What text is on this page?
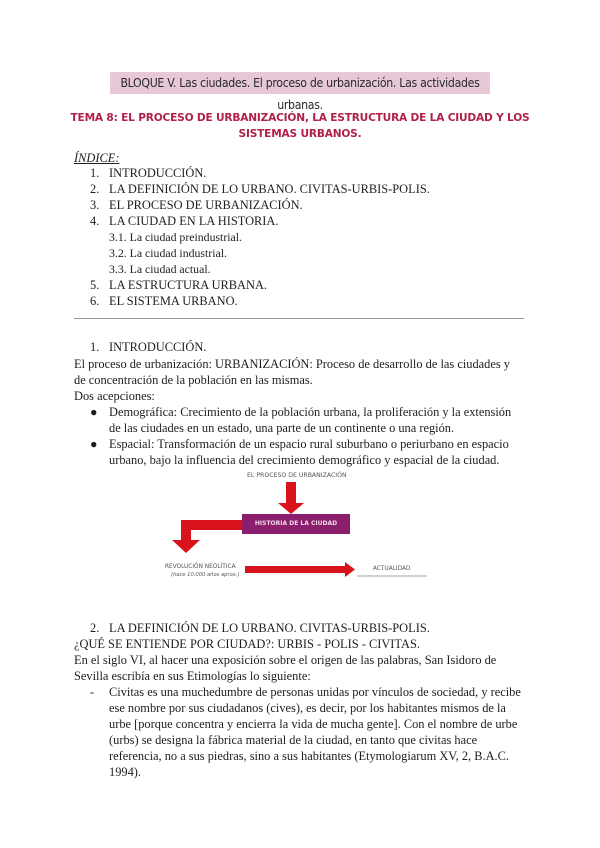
BLOQUE V. Las ciudades. El proceso de urbanización. Las actividades urbanas.
TEMA 8: EL PROCESO DE URBANIZACIÓN, LA ESTRUCTURA DE LA CIUDAD Y LOS SISTEMAS URBANOS.
ÍNDICE:
1. INTRODUCCIÓN.
2. LA DEFINICIÓN DE LO URBANO. CIVITAS-URBIS-POLIS.
3. EL PROCESO DE URBANIZACIÓN.
4. LA CIUDAD EN LA HISTORIA.
3.1. La ciudad preindustrial.
3.2. La ciudad industrial.
3.3. La ciudad actual.
5. LA ESTRUCTURA URBANA.
6. EL SISTEMA URBANO.
1. INTRODUCCIÓN.
El proceso de urbanización: URBANIZACIÓN: Proceso de desarrollo de las ciudades y de concentración de la población en las mismas.
Dos acepciones:
● Demográfica: Crecimiento de la población urbana, la proliferación y la extensión de las ciudades en un estado, una parte de un continente o una región.
● Espacial: Transformación de un espacio rural suburbano o periurbano en espacio urbano, bajo la influencia del crecimiento demográfico y espacial de la ciudad.
EL PROCESO DE URBANIZACIÓN
HISTORIA DE LA CIUDAD
REVOLUCIÓN NEOLÍTICA
(hace 10.000 años aprox.)
ACTUALIDAD
2. LA DEFINICIÓN DE LO URBANO. CIVITAS-URBIS-POLIS.
¿QUÉ SE ENTIENDE POR CIUDAD?: URBIS - POLIS - CIVITAS.
En el siglo VI, al hacer una exposición sobre el origen de las palabras, San Isidoro de Sevilla escribía en sus Etimologías lo siguiente:
- Civitas es una muchedumbre de personas unidas por vínculos de sociedad, y recibe ese nombre por sus ciudadanos (cives), es decir, por los habitantes mismos de la urbe [porque concentra y encierra la vida de mucha gente]. Con el nombre de urbe (urbs) se designa la fábrica material de la ciudad, en tanto que civitas hace referencia, no a sus piedras, sino a sus habitantes (Etymologiarum XV, 2, B.A.C. 1994).
